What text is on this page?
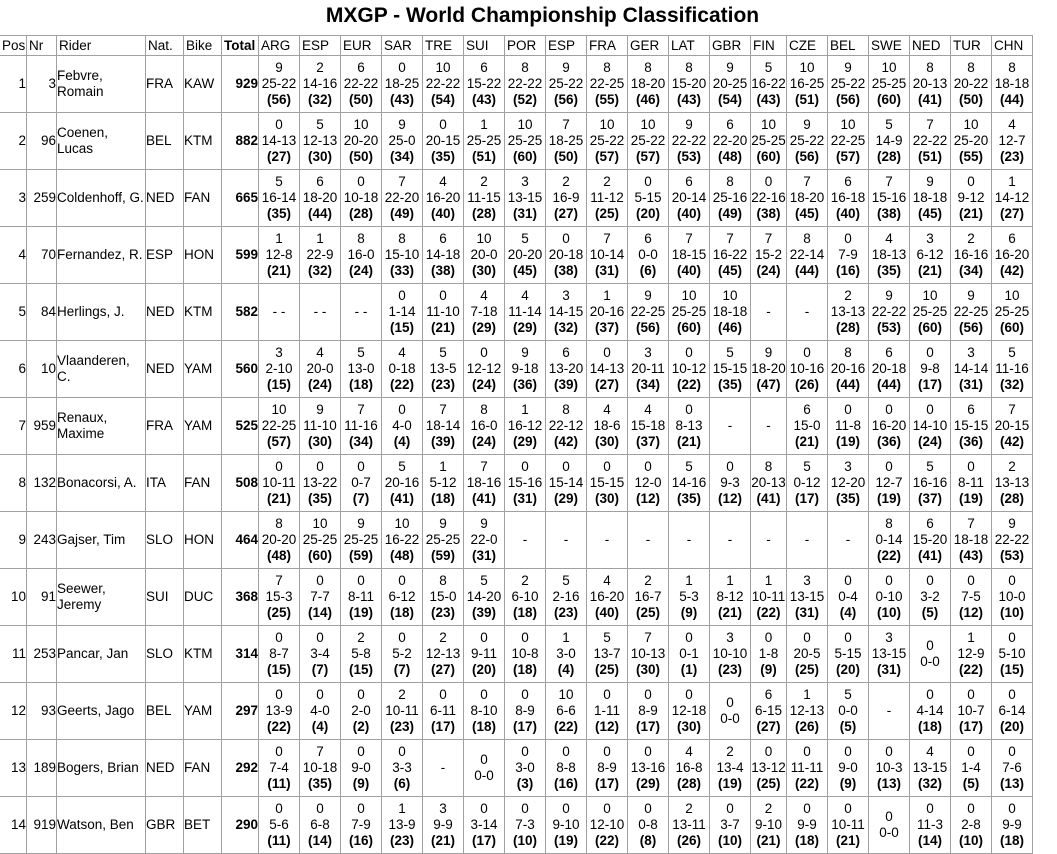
MXGP - World Championship Classification
Pos	Nr	Rider	Nat.	Bike	Total	ARG	ESP	EUR	SAR	TRE	SUI	POR	ESP	FRA	GER	LAT	GBR	FIN	CZE	BEL	SWE	NED	TUR	CHN
1	3	Febvre, Romain	FRA	KAW	929	9
25-22
(56)	2
14-16
(32)	6
22-22
(50)	0
18-25
(43)	10
22-22
(54)	6
15-22
(43)	8
22-22
(52)	9
25-22
(56)	8
22-25
(55)	8
18-20
(46)	8
15-20
(43)	9
20-25
(54)	5
16-22
(43)	10
16-25
(51)	9
25-22
(56)	10
25-25
(60)	8
20-13
(41)	8
20-22
(50)	8
18-18
(44)

2	96	Coenen, Lucas	BEL	KTM	882	0
14-13
(27)	5
12-13
(30)	10
20-20
(50)	9
25-0
(34)	0
20-15
(35)	1
25-25
(51)	10
25-25
(60)	7
18-25
(50)	10
25-22
(57)	10
25-22
(57)	9
22-22
(53)	6
22-20
(48)	10
25-25
(60)	9
25-22
(56)	10
22-25
(57)	5
14-9
(28)	7
22-22
(51)	10
25-20
(55)	4
12-7
(23)

3	259	Coldenhoff, G.	NED	FAN	665	5
16-14
(35)	6
18-20
(44)	0
10-18
(28)	7
22-20
(49)	4
16-20
(40)	2
11-15
(28)	3
13-15
(31)	2
16-9
(27)	2
11-12
(25)	0
5-15
(20)	6
20-14
(40)	8
25-16
(49)	0
22-16
(38)	7
18-20
(45)	6
16-18
(40)	7
15-16
(38)	9
18-18
(45)	0
9-12
(21)	1
14-12
(27)

4	70	Fernandez, R.	ESP	HON	599	1
12-8
(21)	1
22-9
(32)	8
16-0
(24)	8
15-10
(33)	6
14-18
(38)	10
20-0
(30)	5
20-20
(45)	0
20-18
(38)	7
10-14
(31)	6
0-0
(6)	7
18-15
(40)	7
16-22
(45)	7
15-2
(24)	8
22-14
(44)	0
7-9
(16)	4
18-13
(35)	3
6-12
(21)	2
16-16
(34)	6
16-20
(42)

5	84	Herlings, J.	NED	KTM	582	- -	- -	- -	0
1-14
(15)	0
11-10
(21)	4
7-18
(29)	4
11-14
(29)	3
14-15
(32)	1
20-16
(37)	9
22-25
(56)	10
25-25
(60)	10
18-18
(46)	-	-	2
13-13
(28)	9
22-22
(53)	10
25-25
(60)	9
22-25
(56)	10
25-25
(60)

6	10	Vlaanderen, C.	NED	YAM	560	3
2-10
(15)	4
20-0
(24)	5
13-0
(18)	4
0-18
(22)	5
13-5
(23)	0
12-12
(24)	9
9-18
(36)	6
13-20
(39)	0
14-13
(27)	3
20-11
(34)	0
10-12
(22)	5
15-15
(35)	9
18-20
(47)	0
10-16
(26)	8
20-16
(44)	6
20-18
(44)	0
9-8
(17)	3
14-14
(31)	5
11-16
(32)

7	959	Renaux, Maxime	FRA	YAM	525	10
22-25
(57)	9
11-10
(30)	7
11-16
(34)	0
4-0
(4)	7
18-14
(39)	8
16-0
(24)	1
16-12
(29)	8
22-12
(42)	4
18-6
(30)	4
15-18
(37)	0
8-13
(21)	-	-	6
15-0
(21)	0
11-8
(19)	0
16-20
(36)	0
14-10
(24)	6
15-15
(36)	7
20-15
(42)

8	132	Bonacorsi, A.	ITA	FAN	508	0
10-11
(21)	0
13-22
(35)	0
0-7
(7)	5
20-16
(41)	1
5-12
(18)	7
18-16
(41)	0
15-16
(31)	0
15-14
(29)	0
15-15
(30)	0
12-0
(12)	5
14-16
(35)	0
9-3
(12)	8
20-13
(41)	5
0-12
(17)	3
12-20
(35)	0
12-7
(19)	5
16-16
(37)	0
8-11
(19)	2
13-13
(28)

9	243	Gajser, Tim	SLO	HON	464	8
20-20
(48)	10
25-25
(60)	9
25-25
(59)	10
16-22
(48)	9
25-25
(59)	9
22-0
(31)	-	-	-	-	-	-	-	-	-	8
0-14
(22)	6
15-20
(41)	7
18-18
(43)	9
22-22
(53)

10	91	Seewer, Jeremy	SUI	DUC	368	7
15-3
(25)	0
7-7
(14)	0
8-11
(19)	0
6-12
(18)	8
15-0
(23)	5
14-20
(39)	2
6-10
(18)	5
2-16
(23)	4
16-20
(40)	2
16-7
(25)	1
5-3
(9)	1
8-12
(21)	1
10-11
(22)	3
13-15
(31)	0
0-4
(4)	0
0-10
(10)	0
3-2
(5)	0
7-5
(12)	0
10-0
(10)

11	253	Pancar, Jan	SLO	KTM	314	0
8-7
(15)	0
3-4
(7)	2
5-8
(15)	0
5-2
(7)	2
12-13
(27)	0
9-11
(20)	0
10-8
(18)	1
3-0
(4)	5
13-7
(25)	7
10-13
(30)	0
0-1
(1)	3
10-10
(23)	0
1-8
(9)	0
20-5
(25)	0
5-15
(20)	3
13-15
(31)	0
0-0	1
12-9
(22)	0
5-10
(15)

12	93	Geerts, Jago	BEL	YAM	297	0
13-9
(22)	0
4-0
(4)	0
2-0
(2)	2
10-11
(23)	0
6-11
(17)	0
8-10
(18)	0
8-9
(17)	10
6-6
(22)	0
1-11
(12)	0
8-9
(17)	0
12-18
(30)	0
0-0	6
6-15
(27)	1
12-13
(26)	5
0-0
(5)	-	0
4-14
(18)	0
10-7
(17)	0
6-14
(20)

13	189	Bogers, Brian	NED	FAN	292	0
7-4
(11)	7
10-18
(35)	0
9-0
(9)	0
3-3
(6)	-	0
0-0	0
3-0
(3)	0
8-8
(16)	0
8-9
(17)	0
13-16
(29)	4
16-8
(28)	2
13-4
(19)	0
13-12
(25)	0
11-11
(22)	0
9-0
(9)	0
10-3
(13)	4
13-15
(32)	0
1-4
(5)	0
7-6
(13)

14	919	Watson, Ben	GBR	BET	290	0
5-6
(11)	0
6-8
(14)	0
7-9
(16)	1
13-9
(23)	3
9-9
(21)	0
3-14
(17)	0
7-3
(10)	0
9-10
(19)	0
12-10
(22)	0
0-8
(8)	2
13-11
(26)	0
3-7
(10)	2
9-10
(21)	0
9-9
(18)	0
10-11
(21)	0
0-0	0
11-3
(14)	0
2-8
(10)	0
9-9
(18)
